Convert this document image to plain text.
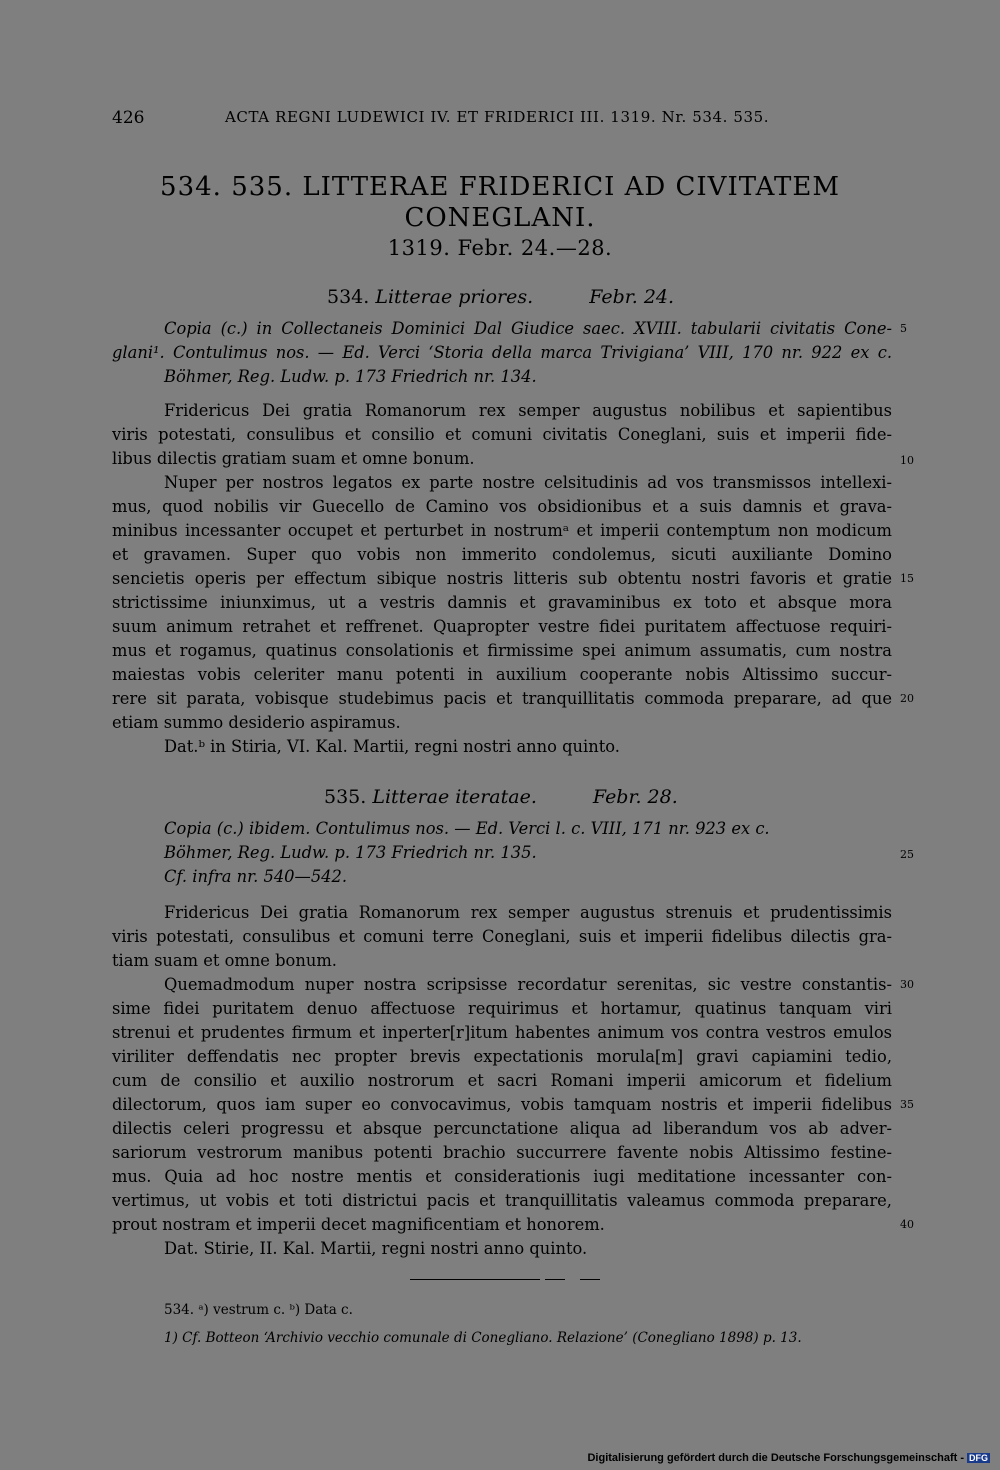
426	ACTA REGNI LUDEWICI IV. ET FRIDERICI III. 1319. Nr. 534. 535.
534. 535. LITTERAE FRIDERICI AD CIVITATEM
CONEGLANI.
1319. Febr. 24.—28.
534. Litterae priores.	Febr. 24.
Copia (c.) in Collectaneis Dominici Dal Giudice saec. XVIII. tabularii civitatis Cone-
glani¹. Contulimus nos. — Ed. Verci ‘Storia della marca Trivigiana’ VIII, 170 nr. 922 ex c.
Böhmer, Reg. Ludw. p. 173 Friedrich nr. 134.
Fridericus Dei gratia Romanorum rex semper augustus nobilibus et sapientibus
viris potestati, consulibus et consilio et comuni civitatis Coneglani, suis et imperii fide-
libus dilectis gratiam suam et omne bonum.
Nuper per nostros legatos ex parte nostre celsitudinis ad vos transmissos intellexi-
mus, quod nobilis vir Guecello de Camino vos obsidionibus et a suis damnis et grava-
minibus incessanter occupet et perturbet in nostrumᵃ et imperii contemptum non modicum
et gravamen. Super quo vobis non immerito condolemus, sicuti auxiliante Domino
sencietis operis per effectum sibique nostris litteris sub obtentu nostri favoris et gratie
strictissime iniunximus, ut a vestris damnis et gravaminibus ex toto et absque mora
suum animum retrahet et reffrenet. Quapropter vestre fidei puritatem affectuose requiri-
mus et rogamus, quatinus consolationis et firmissime spei animum assumatis, cum nostra
maiestas vobis celeriter manu potenti in auxilium cooperante nobis Altissimo succur-
rere sit parata, vobisque studebimus pacis et tranquillitatis commoda preparare, ad que
etiam summo desiderio aspiramus.
Dat.ᵇ in Stiria, VI. Kal. Martii, regni nostri anno quinto.
535. Litterae iteratae.	Febr. 28.
Copia (c.) ibidem. Contulimus nos. — Ed. Verci l. c. VIII, 171 nr. 923 ex c.
Böhmer, Reg. Ludw. p. 173 Friedrich nr. 135.
Cf. infra nr. 540—542.
Fridericus Dei gratia Romanorum rex semper augustus strenuis et prudentissimis
viris potestati, consulibus et comuni terre Coneglani, suis et imperii fidelibus dilectis gra-
tiam suam et omne bonum.
Quemadmodum nuper nostra scripsisse recordatur serenitas, sic vestre constantis-
sime fidei puritatem denuo affectuose requirimus et hortamur, quatinus tanquam viri
strenui et prudentes firmum et inperter[r]itum habentes animum vos contra vestros emulos
viriliter deffendatis nec propter brevis expectationis morula[m] gravi capiamini tedio,
cum de consilio et auxilio nostrorum et sacri Romani imperii amicorum et fidelium
dilectorum, quos iam super eo convocavimus, vobis tamquam nostris et imperii fidelibus
dilectis celeri progressu et absque percunctatione aliqua ad liberandum vos ab adver-
sariorum vestrorum manibus potenti brachio succurrere favente nobis Altissimo festine-
mus. Quia ad hoc nostre mentis et considerationis iugi meditatione incessanter con-
vertimus, ut vobis et toti districtui pacis et tranquillitatis valeamus commoda preparare,
prout nostram et imperii decet magnificentiam et honorem.
Dat. Stirie, II. Kal. Martii, regni nostri anno quinto.
5
10
15
20
25
30
35
40
534. ᵃ) vestrum c. ᵇ) Data c.
1) Cf. Botteon ‘Archivio vecchio comunale di Conegliano. Relazione’ (Conegliano 1898) p. 13.
Digitalisierung gefördert durch die Deutsche Forschungsgemeinschaft - DFG
